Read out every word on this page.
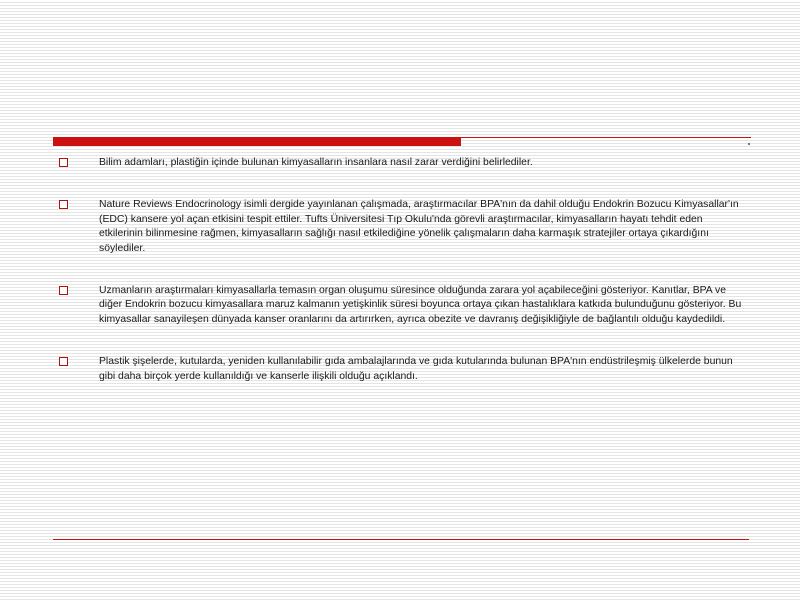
Bilim adamları, plastiğin içinde bulunan kimyasalların insanlara nasıl zarar verdiğini belirlediler.
Nature Reviews Endocrinology isimli dergide yayınlanan çalışmada, araştırmacılar BPA'nın da dahil olduğu Endokrin Bozucu Kimyasallar'ın (EDC) kansere yol açan etkisini tespit ettiler. Tufts Üniversitesi Tıp Okulu'nda görevli araştırmacılar, kimyasalların hayatı tehdit eden etkilerinin bilinmesine rağmen, kimyasalların sağlığı nasıl etkilediğine yönelik çalışmaların daha karmaşık stratejiler ortaya çıkardığını söylediler.
Uzmanların araştırmaları kimyasallarla temasın organ oluşumu süresince olduğunda zarara yol açabileceğini gösteriyor. Kanıtlar, BPA ve diğer Endokrin bozucu kimyasallara maruz kalmanın yetişkinlik süresi boyunca ortaya çıkan hastalıklara katkıda bulunduğunu gösteriyor. Bu kimyasallar sanayileşen dünyada kanser oranlarını da artırırken, ayrıca obezite ve davranış değişikliğiyle de bağlantılı olduğu kaydedildi.
Plastik şişelerde, kutularda, yeniden kullanılabilir gıda ambalajlarında ve gıda kutularında bulunan BPA'nın endüstrileşmiş ülkelerde bunun gibi daha birçok yerde kullanıldığı ve kanserle ilişkili olduğu açıklandı.
